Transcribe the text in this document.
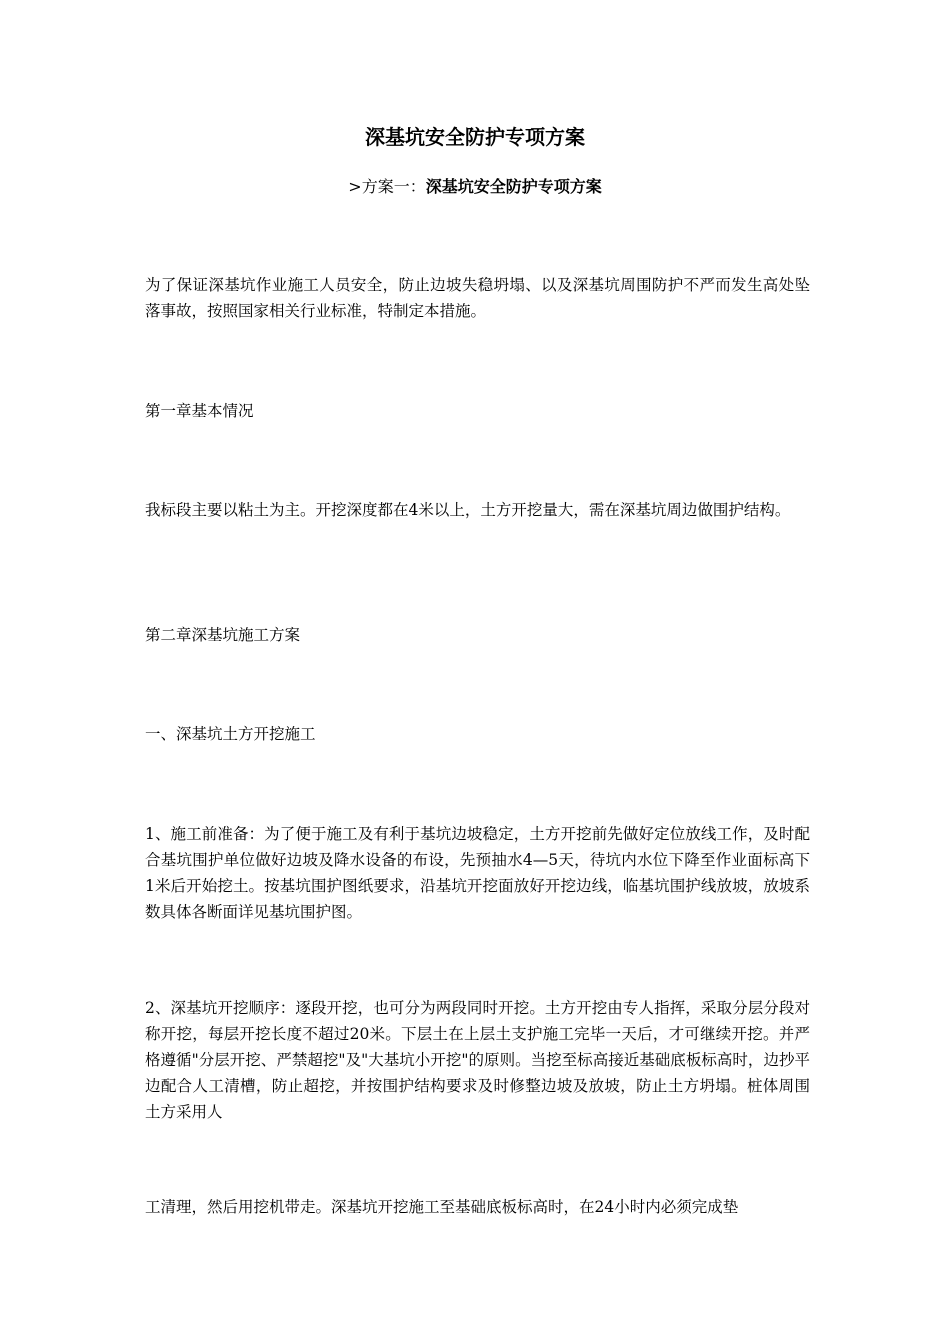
深基坑安全防护专项方案

>方案一：深基坑安全防护专项方案

为了保证深基坑作业施工人员安全，防止边坡失稳坍塌、以及深基坑周围防护不严而发生高处坠落事故，按照国家相关行业标准，特制定本措施。

第一章基本情况

我标段主要以粘土为主。开挖深度都在4米以上，土方开挖量大，需在深基坑周边做围护结构。

第二章深基坑施工方案

一、深基坑土方开挖施工

1、施工前准备：为了便于施工及有利于基坑边坡稳定，土方开挖前先做好定位放线工作，及时配合基坑围护单位做好边坡及降水设备的布设，先预抽水4—5天，待坑内水位下降至作业面标高下1米后开始挖土。按基坑围护图纸要求，沿基坑开挖面放好开挖边线，临基坑围护线放坡，放坡系数具体各断面详见基坑围护图。

2、深基坑开挖顺序：逐段开挖，也可分为两段同时开挖。土方开挖由专人指挥，采取分层分段对称开挖，每层开挖长度不超过20米。下层土在上层土支护施工完毕一天后，才可继续开挖。并严格遵循"分层开挖、严禁超挖"及"大基坑小开挖"的原则。当挖至标高接近基础底板标高时，边抄平边配合人工清槽，防止超挖，并按围护结构要求及时修整边坡及放坡，防止土方坍塌。桩体周围土方采用人

工清理，然后用挖机带走。深基坑开挖施工至基础底板标高时，在24小时内必须完成垫
